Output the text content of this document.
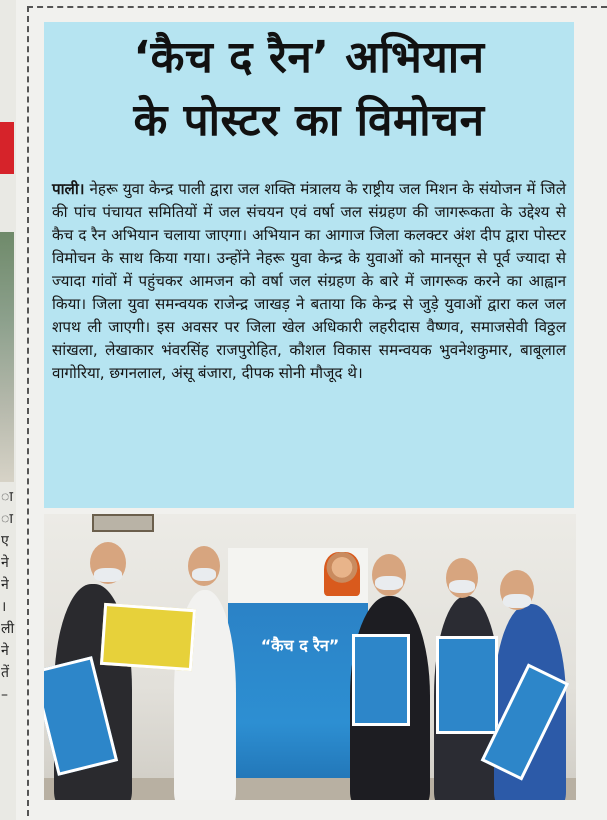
ा
ा
ए
ने
ने
।
ली
ने
तें
–
‘कैच द रैन’ अभियान
के पोस्टर का विमोचन

पाली। नेहरू युवा केन्द्र पाली द्वारा जल शक्ति मंत्रालय के राष्ट्रीय जल मिशन के संयोजन में जिले की पांच पंचायत समितियों में जल संचयन एवं वर्षा जल संग्रहण की जागरूकता के उद्देश्य से कैच द रैन अभियान चलाया जाएगा। अभियान का आगाज जिला कलक्टर अंश दीप द्वारा पोस्टर विमोचन के साथ किया गया। उन्होंने नेहरू युवा केन्द्र के युवाओं को मानसून से पूर्व ज्यादा से ज्यादा गांवों में पहुंचकर आमजन को वर्षा जल संग्रहण के बारे में जागरूक करने का आह्वान किया। जिला युवा समन्वयक राजेन्द्र जाखड़ ने बताया कि केन्द्र से जुड़े युवाओं द्वारा कल जल शपथ ली जाएगी। इस अवसर पर जिला खेल अधिकारी लहरीदास वैष्णव, समाजसेवी विठ्ठल सांखला, लेखाकार भंवरसिंह राजपुरोहित, कौशल विकास समन्वयक भुवनेशकुमार, बाबूलाल वागोरिया, छगनलाल, अंसू बंजारा, दीपक सोनी मौजूद थे।

“कैच द रैन”
